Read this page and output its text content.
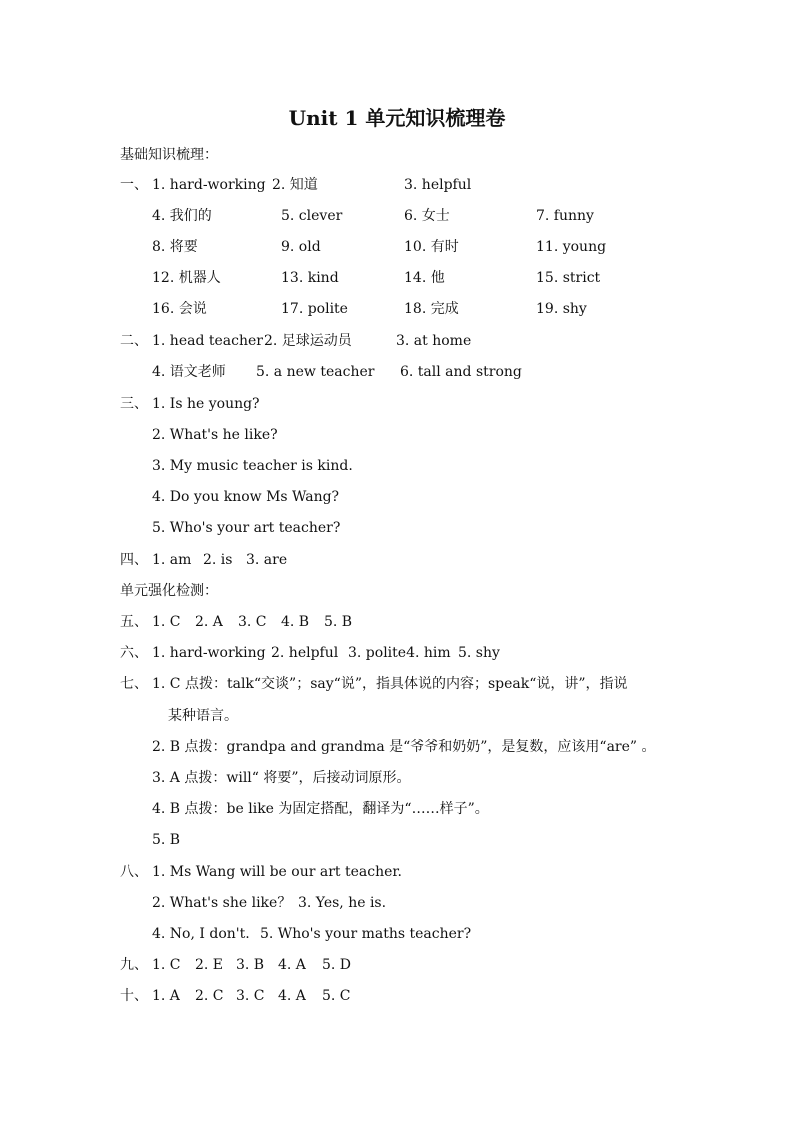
Unit 1 单元知识梳理卷
基础知识梳理：
一、 1. hard-working 2. 知道	3. helpful
4. 我们的	5. clever	6. 女士	7. funny
8. 将要	9. old	10. 有时	11. young
12. 机器人	13. kind	14. 他	15. strict
16. 会说	17. polite	18. 完成	19. shy
二、 1. head teacher 2. 足球运动员	3. at home
4. 语文老师 5. a new teacher 6. tall and strong
三、 1. Is he young?
2. What's he like?
3. My music teacher is kind.
4. Do you know Ms Wang?
5. Who's your art teacher?
四、 1. am 2. is 3. are
单元强化检测：
五、 1. C 2. A 3. C 4. B 5. B
六、 1. hard-working 2. helpful 3. polite4. him 5. shy
七、 1. C 点拨：talk“交谈”；say“说”，指具体说的内容；speak“说，讲”，指说
某种语言。
2. B 点拨：grandpa and grandma 是“爷爷和奶奶”，是复数，应该用“are” 。
3. A 点拨：will“ 将要”，后接动词原形。
4. B 点拨：be like 为固定搭配，翻译为“……样子”。
5. B
八、 1. Ms Wang will be our art teacher.
2. What's she like？ 3. Yes, he is.
4. No, I don't. 5. Who's your maths teacher?
九、 1. C 2. E 3. B 4. A 5. D
十、 1. A 2. C 3. C 4. A 5. C
